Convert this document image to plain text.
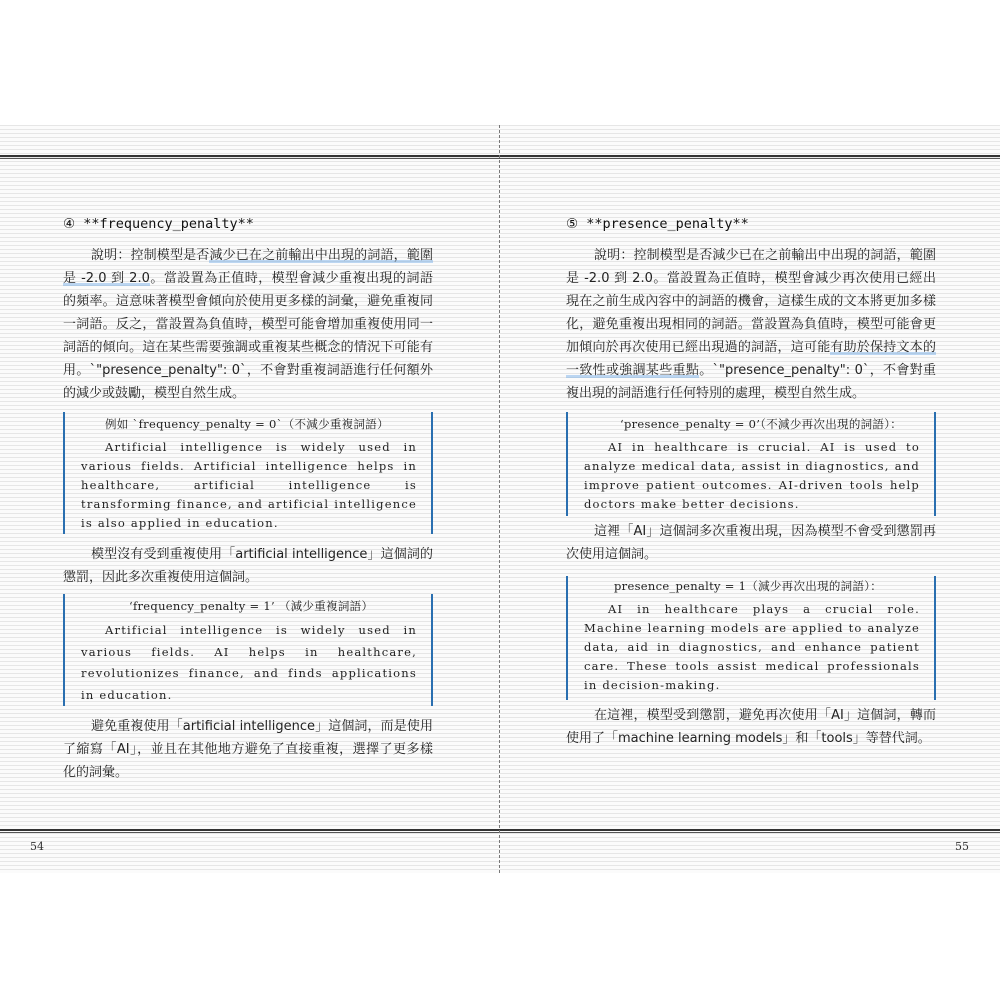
④ **frequency_penalty**

說明：控制模型是否減少已在之前輸出中出現的詞語，範圍是 -2.0 到 2.0。當設置為正值時，模型會減少重複出現的詞語的頻率。這意味著模型會傾向於使用更多樣的詞彙，避免重複同一詞語。反之，當設置為負值時，模型可能會增加重複使用同一詞語的傾向。這在某些需要強調或重複某些概念的情況下可能有用。`"presence_penalty": 0`，不會對重複詞語進行任何額外的減少或鼓勵，模型自然生成。

例如 `frequency_penalty = 0`（不減少重複詞語）

Artificial intelligence is widely used in various fields. Artificial intelligence helps in healthcare, artificial intelligence is transforming finance, and artificial intelligence is also applied in education.

模型沒有受到重複使用「artificial intelligence」這個詞的懲罰，因此多次重複使用這個詞。

‘frequency_penalty = 1’ （減少重複詞語）

Artificial intelligence is widely used in various fields. AI helps in healthcare, revolutionizes finance, and finds applications in education.

避免重複使用「artificial intelligence」這個詞，而是使用了縮寫「AI」，並且在其他地方避免了直接重複，選擇了更多樣化的詞彙。

54
⑤ **presence_penalty**

說明：控制模型是否減少已在之前輸出中出現的詞語，範圍是 -2.0 到 2.0。當設置為正值時，模型會減少再次使用已經出現在之前生成內容中的詞語的機會，這樣生成的文本將更加多樣化，避免重複出現相同的詞語。當設置為負值時，模型可能會更加傾向於再次使用已經出現過的詞語，這可能有助於保持文本的一致性或強調某些重點。`"presence_penalty": 0`，不會對重複出現的詞語進行任何特別的處理，模型自然生成。

‘presence_penalty = 0’（不減少再次出現的詞語）：

AI in healthcare is crucial. AI is used to analyze medical data, assist in diagnostics, and improve patient outcomes. AI-driven tools help doctors make better decisions.

這裡「AI」這個詞多次重複出現，因為模型不會受到懲罰再次使用這個詞。

presence_penalty = 1（減少再次出現的詞語）：

AI in healthcare plays a crucial role. Machine learning models are applied to analyze data, aid in diagnostics, and enhance patient care. These tools assist medical professionals in decision-making.

在這裡，模型受到懲罰，避免再次使用「AI」這個詞，轉而使用了「machine learning models」和「tools」等替代詞。

55
